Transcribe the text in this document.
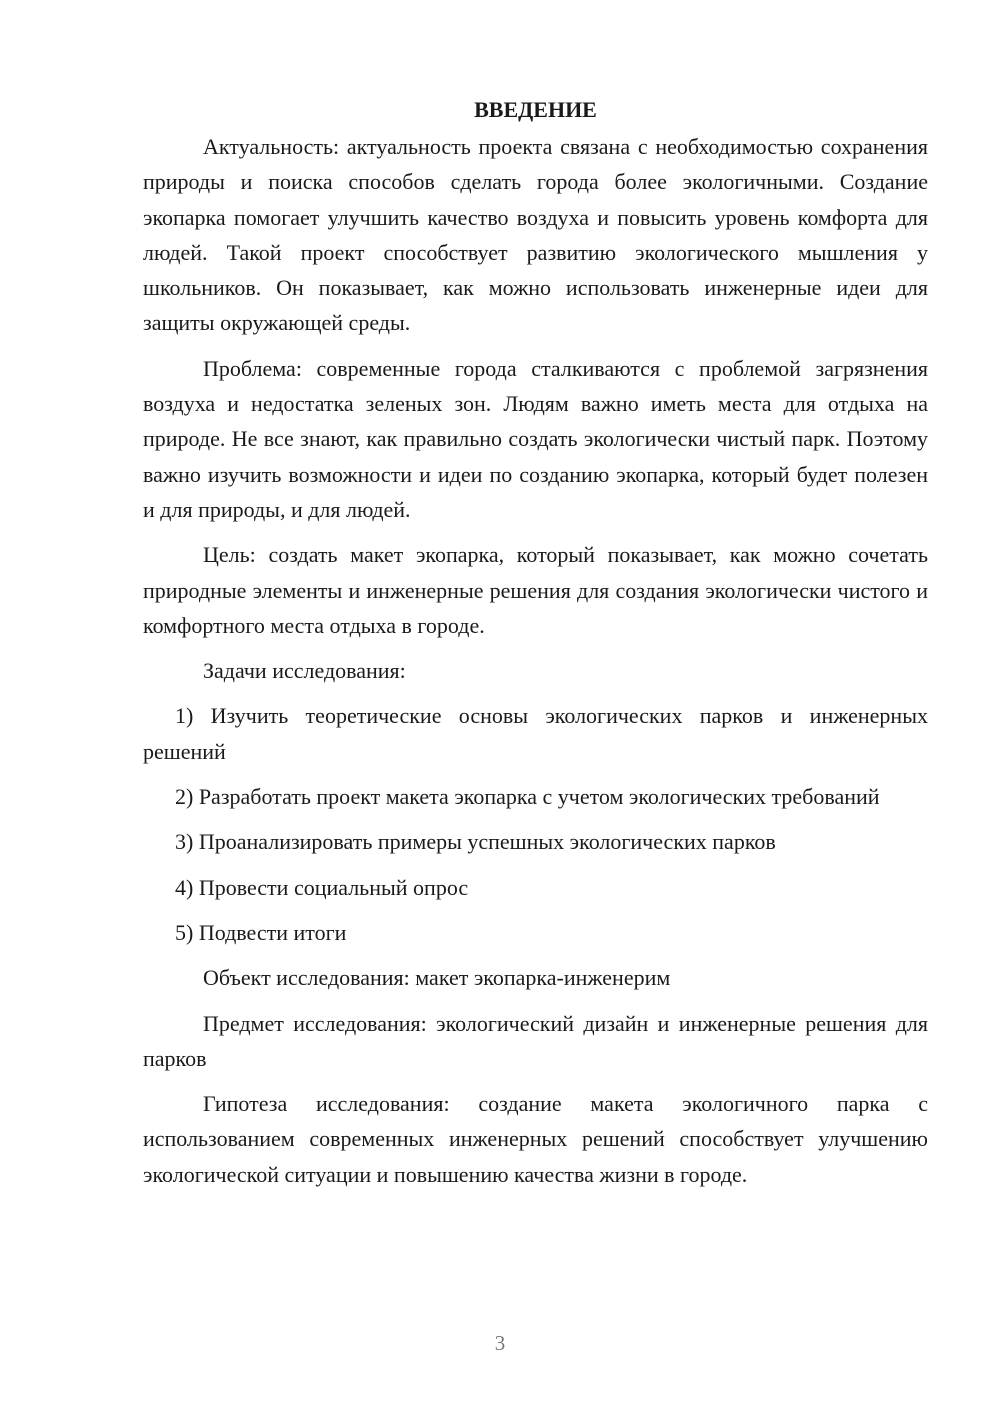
ВВЕДЕНИЕ

Актуальность: актуальность проекта связана с необходимостью сохранения природы и поиска способов сделать города более экологичными. Создание экопарка помогает улучшить качество воздуха и повысить уровень комфорта для людей. Такой проект способствует развитию экологического мышления у школьников. Он показывает, как можно использовать инженерные идеи для защиты окружающей среды.

Проблема: современные города сталкиваются с проблемой загрязнения воздуха и недостатка зеленых зон. Людям важно иметь места для отдыха на природе. Не все знают, как правильно создать экологически чистый парк. Поэтому важно изучить возможности и идеи по созданию экопарка, который будет полезен и для природы, и для людей.

Цель: создать макет экопарка, который показывает, как можно сочетать природные элементы и инженерные решения для создания экологически чистого и комфортного места отдыха в городе.

Задачи исследования:

1) Изучить теоретические основы экологических парков и инженерных решений

2) Разработать проект макета экопарка с учетом экологических требований

3) Проанализировать примеры успешных экологических парков

4) Провести социальный опрос

5) Подвести итоги

Объект исследования: макет экопарка-инженерим

Предмет исследования: экологический дизайн и инженерные решения для парков

Гипотеза исследования: создание макета экологичного парка с использованием современных инженерных решений способствует улучшению экологической ситуации и повышению качества жизни в городе.

3
